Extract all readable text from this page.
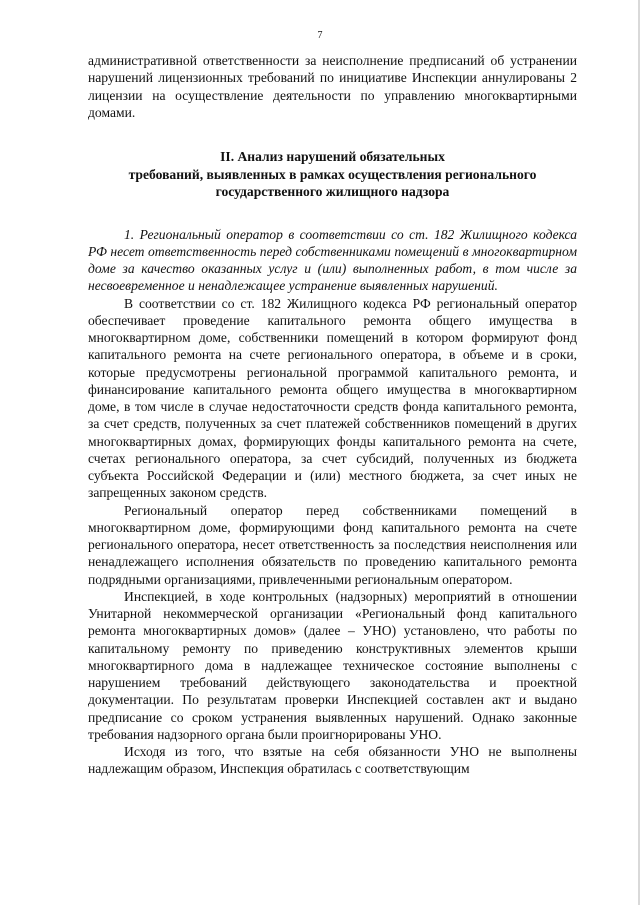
7

административной ответственности за неисполнение предписаний об устранении нарушений лицензионных требований по инициативе Инспекции аннулированы 2 лицензии на осуществление деятельности по управлению многоквартирными домами.

II. Анализ нарушений обязательных
требований, выявленных в рамках осуществления регионального
государственного жилищного надзора

1. Региональный оператор в соответствии со ст. 182 Жилищного кодекса РФ несет ответственность перед собственниками помещений в многоквартирном доме за качество оказанных услуг и (или) выполненных работ, в том числе за несвоевременное и ненадлежащее устранение выявленных нарушений.

В соответствии со ст. 182 Жилищного кодекса РФ региональный оператор обеспечивает проведение капитального ремонта общего имущества в многоквартирном доме, собственники помещений в котором формируют фонд капитального ремонта на счете регионального оператора, в объеме и в сроки, которые предусмотрены региональной программой капитального ремонта, и финансирование капитального ремонта общего имущества в многоквартирном доме, в том числе в случае недостаточности средств фонда капитального ремонта, за счет средств, полученных за счет платежей собственников помещений в других многоквартирных домах, формирующих фонды капитального ремонта на счете, счетах регионального оператора, за счет субсидий, полученных из бюджета субъекта Российской Федерации и (или) местного бюджета, за счет иных не запрещенных законом средств.

Региональный оператор перед собственниками помещений в многоквартирном доме, формирующими фонд капитального ремонта на счете регионального оператора, несет ответственность за последствия неисполнения или ненадлежащего исполнения обязательств по проведению капитального ремонта подрядными организациями, привлеченными региональным оператором.

Инспекцией, в ходе контрольных (надзорных) мероприятий в отношении Унитарной некоммерческой организации «Региональный фонд капитального ремонта многоквартирных домов» (далее – УНО) установлено, что работы по капитальному ремонту по приведению конструктивных элементов крыши многоквартирного дома в надлежащее техническое состояние выполнены с нарушением требований действующего законодательства и проектной документации. По результатам проверки Инспекцией составлен акт и выдано предписание со сроком устранения выявленных нарушений. Однако законные требования надзорного органа были проигнорированы УНО.

Исходя из того, что взятые на себя обязанности УНО не выполнены надлежащим образом, Инспекция обратилась с соответствующим
